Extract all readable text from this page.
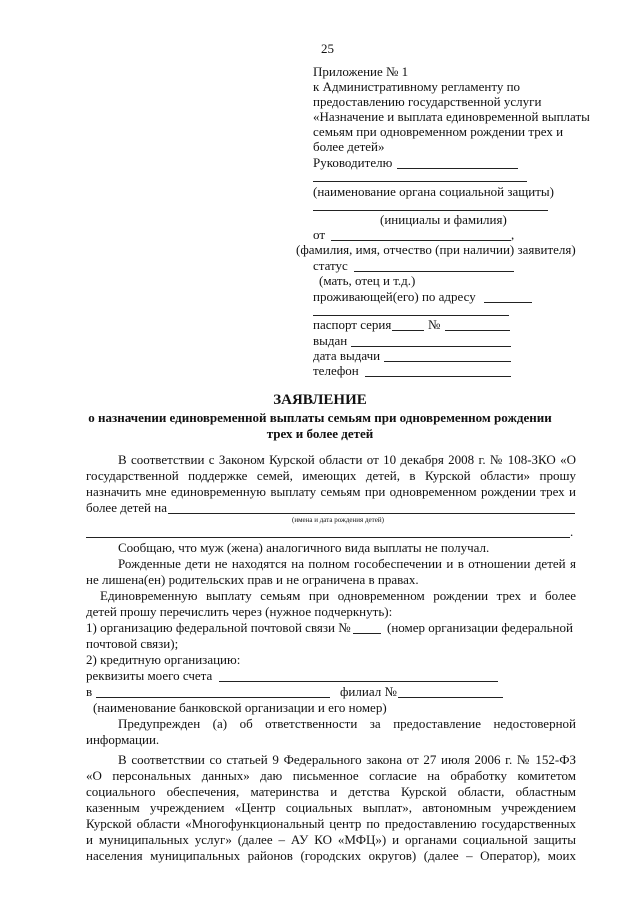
25
Приложение № 1
к Административному регламенту по
предоставлению государственной услуги
«Назначение и выплата единовременной выплаты
семьям при одновременном рождении трех и
более детей»
Руководителю
(наименование органа социальной защиты)
(инициалы и фамилия)
от	,
(фамилия, имя, отчество (при наличии) заявителя)
статус
(мать, отец и т.д.)
проживающей(его) по адресу
паспорт серия	№
выдан
дата выдачи
телефон
ЗАЯВЛЕНИЕ
о назначении единовременной выплаты семьям при одновременном рождении
трех и более детей
В соответствии с Законом Курской области от 10 декабря 2008 г. № 108-ЗКО «О
государственной поддержке семей, имеющих детей, в Курской области» прошу
назначить мне единовременную выплату семьям при одновременном рождении трех и
более детей на
(имена и дата рождения детей)
.
Сообщаю, что муж (жена) аналогичного вида выплаты не получал.
Рожденные дети не находятся на полном гособеспечении и в отношении детей я
не лишена(ен) родительских прав и не ограничена в правах.
Единовременную выплату семьям при одновременном рождении трех и более
детей прошу перечислить через (нужное подчеркнуть):
1) организацию федеральной почтовой связи №	(номер организации федеральной
почтовой связи);
2) кредитную организацию:
реквизиты моего счета
в	филиал №
(наименование банковской организации и его номер)
Предупрежден (а) об ответственности за предоставление недостоверной
информации.
В соответствии со статьей 9 Федерального закона от 27 июля 2006 г. № 152-ФЗ
«О персональных данных» даю письменное согласие на обработку комитетом
социального обеспечения, материнства и детства Курской области, областным
казенным учреждением «Центр социальных выплат», автономным учреждением
Курской области «Многофункциональный центр по предоставлению государственных
и муниципальных услуг» (далее – АУ КО «МФЦ») и органами социальной защиты
населения муниципальных районов (городских округов) (далее – Оператор), моих
